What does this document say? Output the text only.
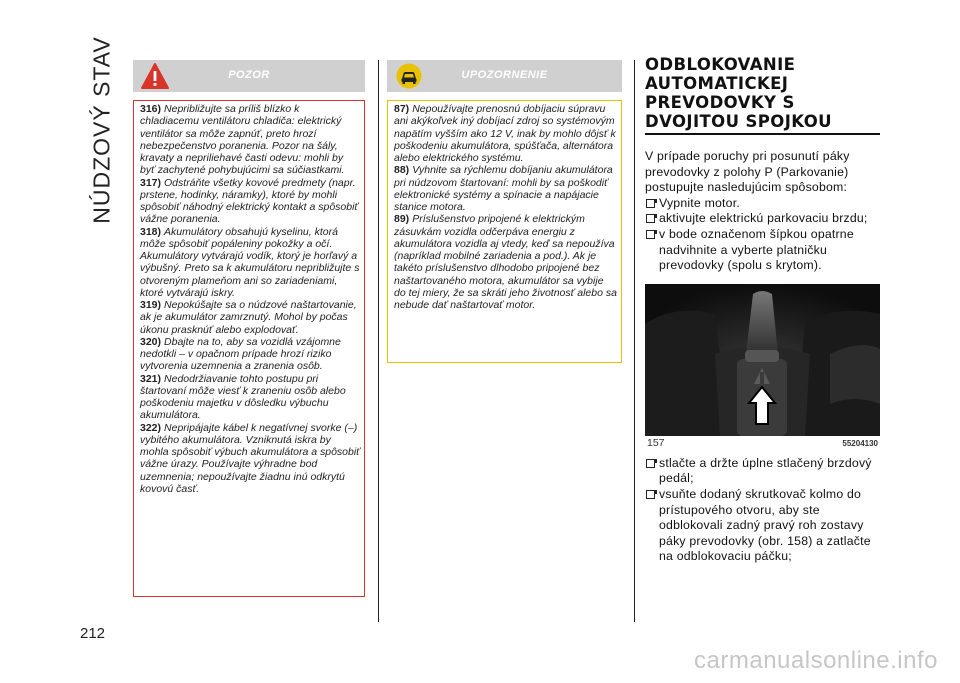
NÚDZOVÝ STAV
212
POZOR

316) Nepribližujte sa príliš blízko k chladiacemu ventilátoru chladiča: elektrický ventilátor sa môže zapnúť, preto hrozí nebezpečenstvo poranenia. Pozor na šály, kravaty a nepriliehavé časti odevu: mohli by byť zachytené pohybujúcimi sa súčiastkami.

317) Odstráňte všetky kovové predmety (napr. prstene, hodinky, náramky), ktoré by mohli spôsobiť náhodný elektrický kontakt a spôsobiť vážne poranenia.

318) Akumulátory obsahujú kyselinu, ktorá môže spôsobiť popáleniny pokožky a očí. Akumulátory vytvárajú vodík, ktorý je horľavý a výbušný. Preto sa k akumulátoru nepribližujte s otvoreným plameňom ani so zariadeniami, ktoré vytvárajú iskry.

319) Nepokúšajte sa o núdzové naštartovanie, ak je akumulátor zamrznutý. Mohol by počas úkonu prasknúť alebo explodovať.

320) Dbajte na to, aby sa vozidlá vzájomne nedotkli – v opačnom prípade hrozí riziko vytvorenia uzemnenia a zranenia osôb.

321) Nedodržiavanie tohto postupu pri štartovaní môže viesť k zraneniu osôb alebo poškodeniu majetku v dôsledku výbuchu akumulátora.

322) Nepripájajte kábel k negatívnej svorke (–) vybitého akumulátora. Vzniknutá iskra by mohla spôsobiť výbuch akumulátora a spôsobiť vážne úrazy. Používajte výhradne bod uzemnenia; nepoužívajte žiadnu inú odkrytú kovovú časť.

UPOZORNENIE

87) Nepoužívajte prenosnú dobíjaciu súpravu ani akýkoľvek iný dobíjací zdroj so systémovým napätím vyšším ako 12 V, inak by mohlo dôjsť k poškodeniu akumulátora, spúšťača, alternátora alebo elektrického systému.

88) Vyhnite sa rýchlemu dobíjaniu akumulátora pri núdzovom štartovaní: mohli by sa poškodiť elektronické systémy a spínacie a napájacie stanice motora.

89) Príslušenstvo pripojené k elektrickým zásuvkám vozidla odčerpáva energiu z akumulátora vozidla aj vtedy, keď sa nepoužíva (napríklad mobilné zariadenia a pod.). Ak je takéto príslušenstvo dlhodobo pripojené bez naštartovaného motora, akumulátor sa vybije do tej miery, že sa skráti jeho životnosť alebo sa nebude dať naštartovať motor.

ODBLOKOVANIE AUTOMATICKEJ PREVODOVKY S DVOJITOU SPOJKOU

V prípade poruchy pri posunutí páky prevodovky z polohy P (Parkovanie) postupujte nasledujúcim spôsobom:

Vypnite motor.

aktivujte elektrickú parkovaciu brzdu;

v bode označenom šípkou opatrne nadvihnite a vyberte platničku prevodovky (spolu s krytom).

157	55204130

stlačte a držte úplne stlačený brzdový pedál;

vsuňte dodaný skrutkovač kolmo do prístupového otvoru, aby ste odblokovali zadný pravý roh zostavy páky prevodovky (obr. 158) a zatlačte na odblokovaciu páčku;

carmanualsonline.info
